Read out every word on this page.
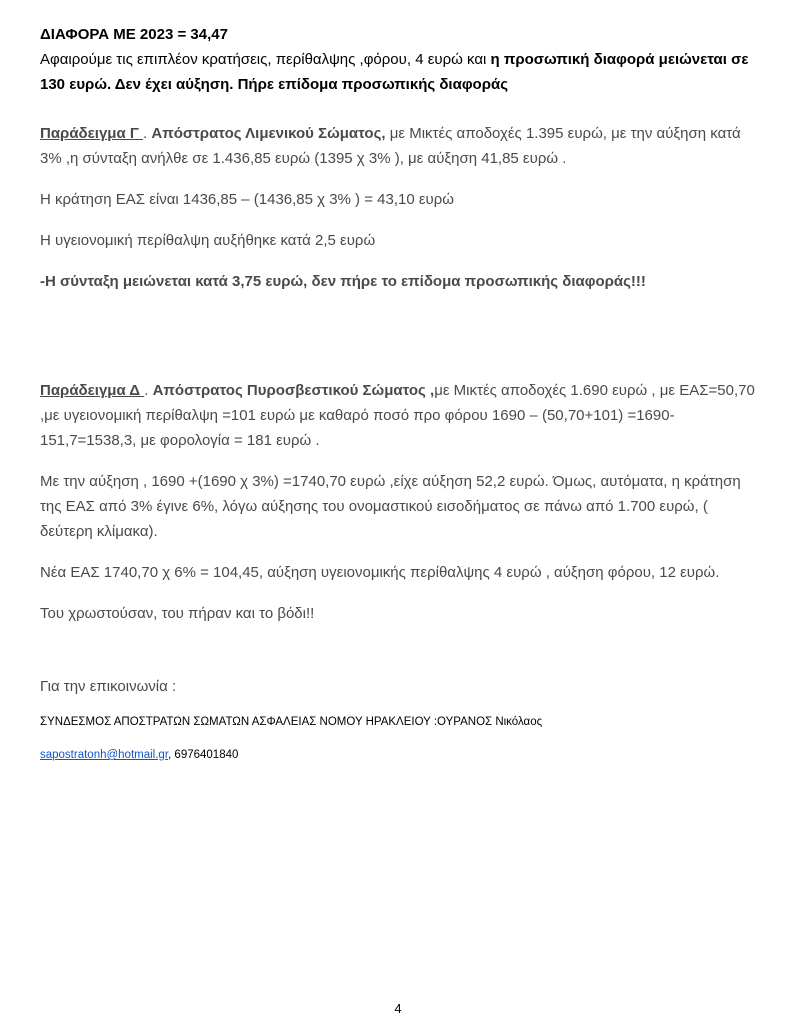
ΔΙΑΦΟΡΑ ΜΕ 2023 = 34,47

Αφαιρούμε τις επιπλέον κρατήσεις, περίθαλψης ,φόρου, 4 ευρώ και η προσωπική διαφορά μειώνεται σε 130 ευρώ. Δεν έχει αύξηση. Πήρε επίδομα προσωπικής διαφοράς

Παράδειγμα Γ . Απόστρατος Λιμενικού Σώματος, με Μικτές αποδοχές 1.395 ευρώ, με την αύξηση κατά 3% ,η σύνταξη ανήλθε σε 1.436,85 ευρώ (1395 χ 3% ), με αύξηση 41,85 ευρώ .

Η κράτηση ΕΑΣ είναι 1436,85 – (1436,85 χ 3% ) = 43,10 ευρώ

Η υγειονομική περίθαλψη αυξήθηκε κατά 2,5 ευρώ

-Η σύνταξη μειώνεται κατά 3,75 ευρώ, δεν πήρε το επίδομα προσωπικής διαφοράς!!!

Παράδειγμα Δ . Απόστρατος Πυροσβεστικού Σώματος ,με Μικτές αποδοχές 1.690 ευρώ , με ΕΑΣ=50,70 ,με υγειονομική περίθαλψη =101 ευρώ με καθαρό ποσό προ φόρου 1690 – (50,70+101) =1690-151,7=1538,3, με φορολογία = 181 ευρώ .

Με την αύξηση , 1690 +(1690 χ 3%) =1740,70 ευρώ ,είχε αύξηση 52,2 ευρώ. Όμως, αυτόματα, η κράτηση της ΕΑΣ από 3% έγινε 6%, λόγω αύξησης του ονομαστικού εισοδήματος σε πάνω από 1.700 ευρώ, ( δεύτερη κλίμακα).

Νέα ΕΑΣ 1740,70 χ 6% = 104,45, αύξηση υγειονομικής περίθαλψης 4 ευρώ , αύξηση φόρου, 12 ευρώ.

Του χρωστούσαν, του πήραν και το βόδι!!

Για την επικοινωνία :

ΣΥΝΔΕΣΜΟΣ ΑΠΟΣΤΡΑΤΩΝ ΣΩΜΑΤΩΝ ΑΣΦΑΛΕΙΑΣ ΝΟΜΟΥ ΗΡΑΚΛΕΙΟΥ :ΟΥΡΑΝΟΣ Νικόλαος

sapostratonh@hotmail.gr, 6976401840

4
